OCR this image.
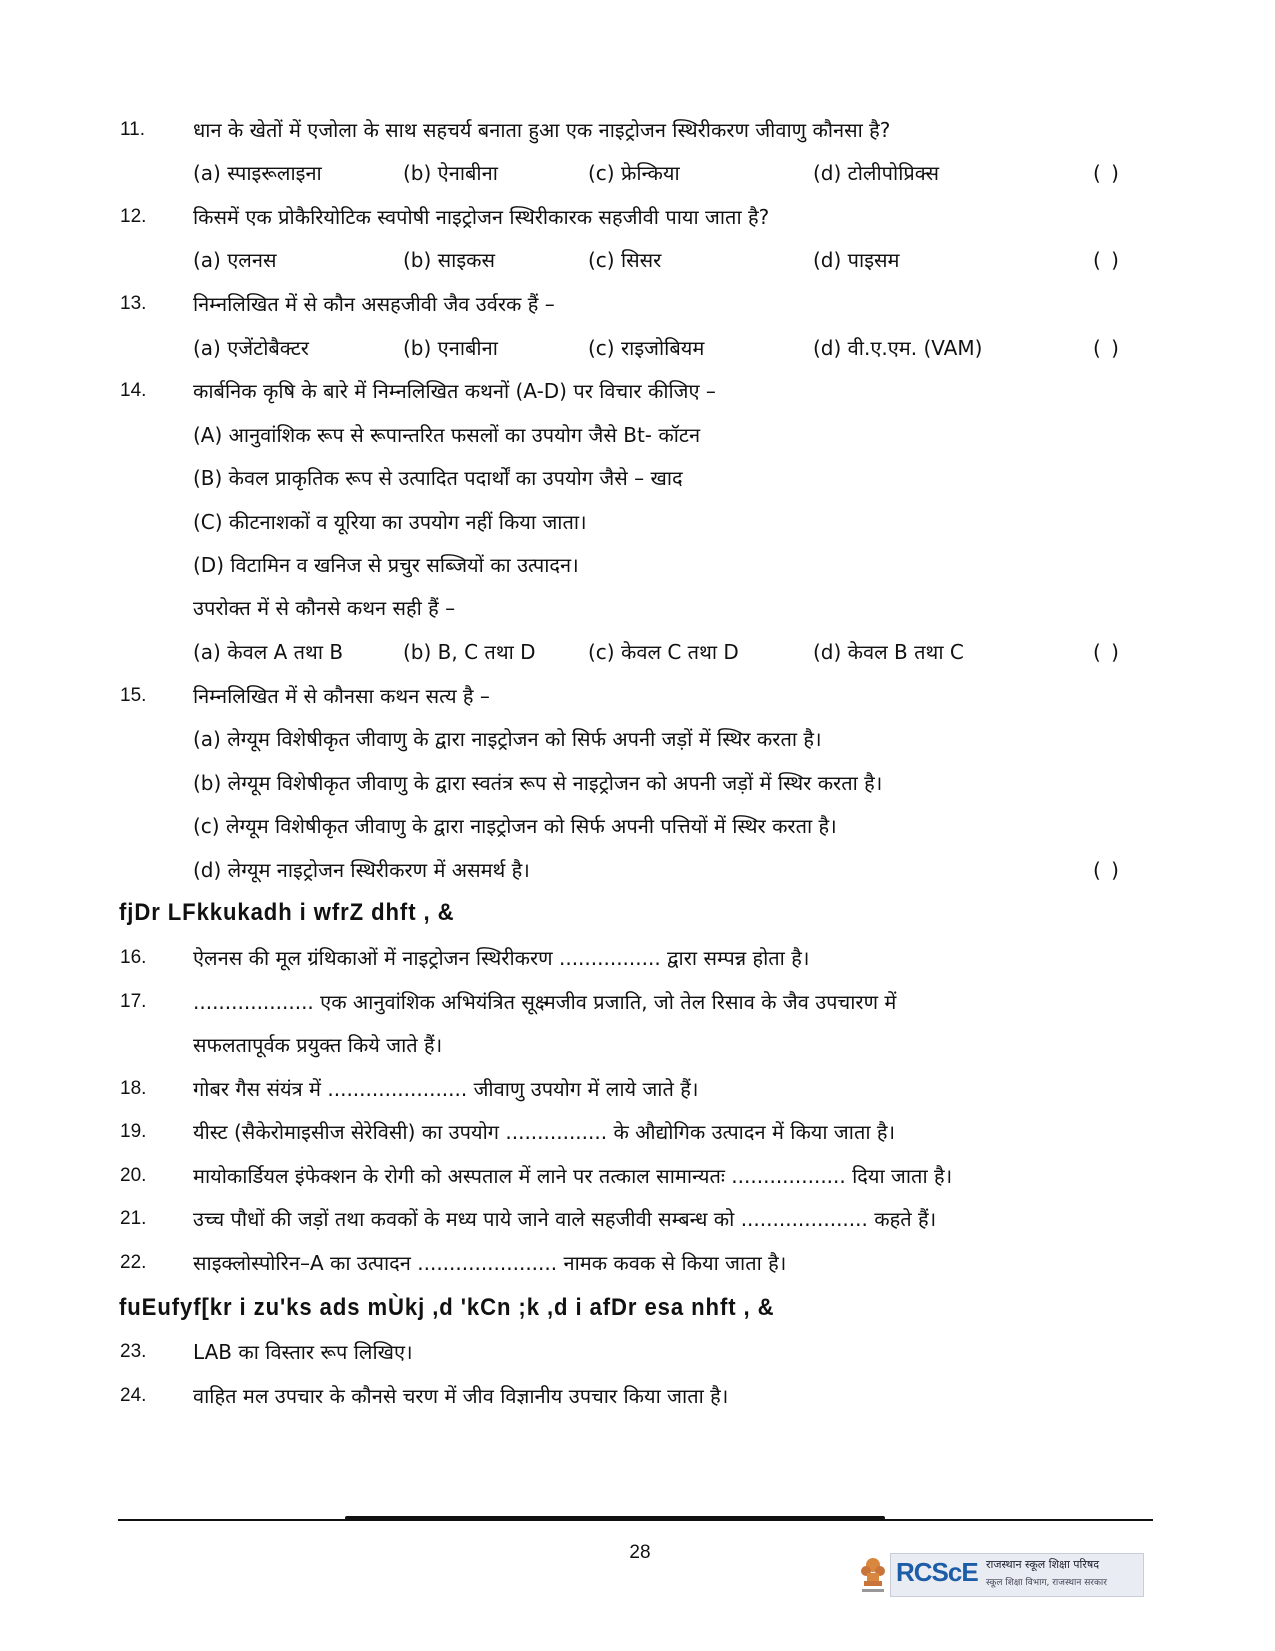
11. धान के खेतों में एजोला के साथ सहचर्य बनाता हुआ एक नाइट्रोजन स्थिरीकरण जीवाणु कौनसा है?
(a) स्पाइरूलाइना	(b) ऐनाबीना	(c) फ्रेन्किया	(d) टोलीपोप्रिक्स	( )
12. किसमें एक प्रोकैरियोटिक स्वपोषी नाइट्रोजन स्थिरीकारक सहजीवी पाया जाता है?
(a) एलनस	(b) साइकस	(c) सिसर	(d) पाइसम	( )
13. निम्नलिखित में से कौन असहजीवी जैव उर्वरक हैं –
(a) एजेंटोबैक्टर	(b) एनाबीना	(c) राइजोबियम	(d) वी.ए.एम. (VAM)	( )
14. कार्बनिक कृषि के बारे में निम्नलिखित कथनों (A-D) पर विचार कीजिए –
(A) आनुवांशिक रूप से रूपान्तरित फसलों का उपयोग जैसे Bt- कॉटन
(B) केवल प्राकृतिक रूप से उत्पादित पदार्थों का उपयोग जैसे – खाद
(C) कीटनाशकों व यूरिया का उपयोग नहीं किया जाता।
(D) विटामिन व खनिज से प्रचुर सब्जियों का उत्पादन।
उपरोक्त में से कौनसे कथन सही हैं –
(a) केवल A तथा B	(b) B, C तथा D	(c) केवल C तथा D	(d) केवल B तथा C	( )
15. निम्नलिखित में से कौनसा कथन सत्य है –
(a) लेग्यूम विशेषीकृत जीवाणु के द्वारा नाइट्रोजन को सिर्फ अपनी जड़ों में स्थिर करता है।
(b) लेग्यूम विशेषीकृत जीवाणु के द्वारा स्वतंत्र रूप से नाइट्रोजन को अपनी जड़ों में स्थिर करता है।
(c) लेग्यूम विशेषीकृत जीवाणु के द्वारा नाइट्रोजन को सिर्फ अपनी पत्तियों में स्थिर करता है।
(d) लेग्यूम नाइट्रोजन स्थिरीकरण में असमर्थ है।	( )
fjDr LFkkukadh i wfrZ dhft , &
16. ऐलनस की मूल ग्रंथिकाओं में नाइट्रोजन स्थिरीकरण ................ द्वारा सम्पन्न होता है।
17. ................... एक आनुवांशिक अभियंत्रित सूक्ष्मजीव प्रजाति, जो तेल रिसाव के जैव उपचारण में
सफलतापूर्वक प्रयुक्त किये जाते हैं।
18. गोबर गैस संयंत्र में ...................... जीवाणु उपयोग में लाये जाते हैं।
19. यीस्ट (सैकेरोमाइसीज सेरेविसी) का उपयोग ................ के औद्योगिक उत्पादन में किया जाता है।
20. मायोकार्डियल इंफेक्शन के रोगी को अस्पताल में लाने पर तत्काल सामान्यतः .................. दिया जाता है।
21. उच्च पौधों की जड़ों तथा कवकों के मध्य पाये जाने वाले सहजीवी सम्बन्ध को .................... कहते हैं।
22. साइक्लोस्पोरिन–A का उत्पादन ...................... नामक कवक से किया जाता है।
fuEufyf[kr i zu'ks ads mÙkj ,d 'kCn ;k ,d i afDr esa nhft , &
23. LAB का विस्तार रूप लिखिए।
24. वाहित मल उपचार के कौनसे चरण में जीव विज्ञानीय उपचार किया जाता है।
28
RCScE राजस्थान स्कूल शिक्षा परिषद
स्कूल शिक्षा विभाग, राजस्थान सरकार
